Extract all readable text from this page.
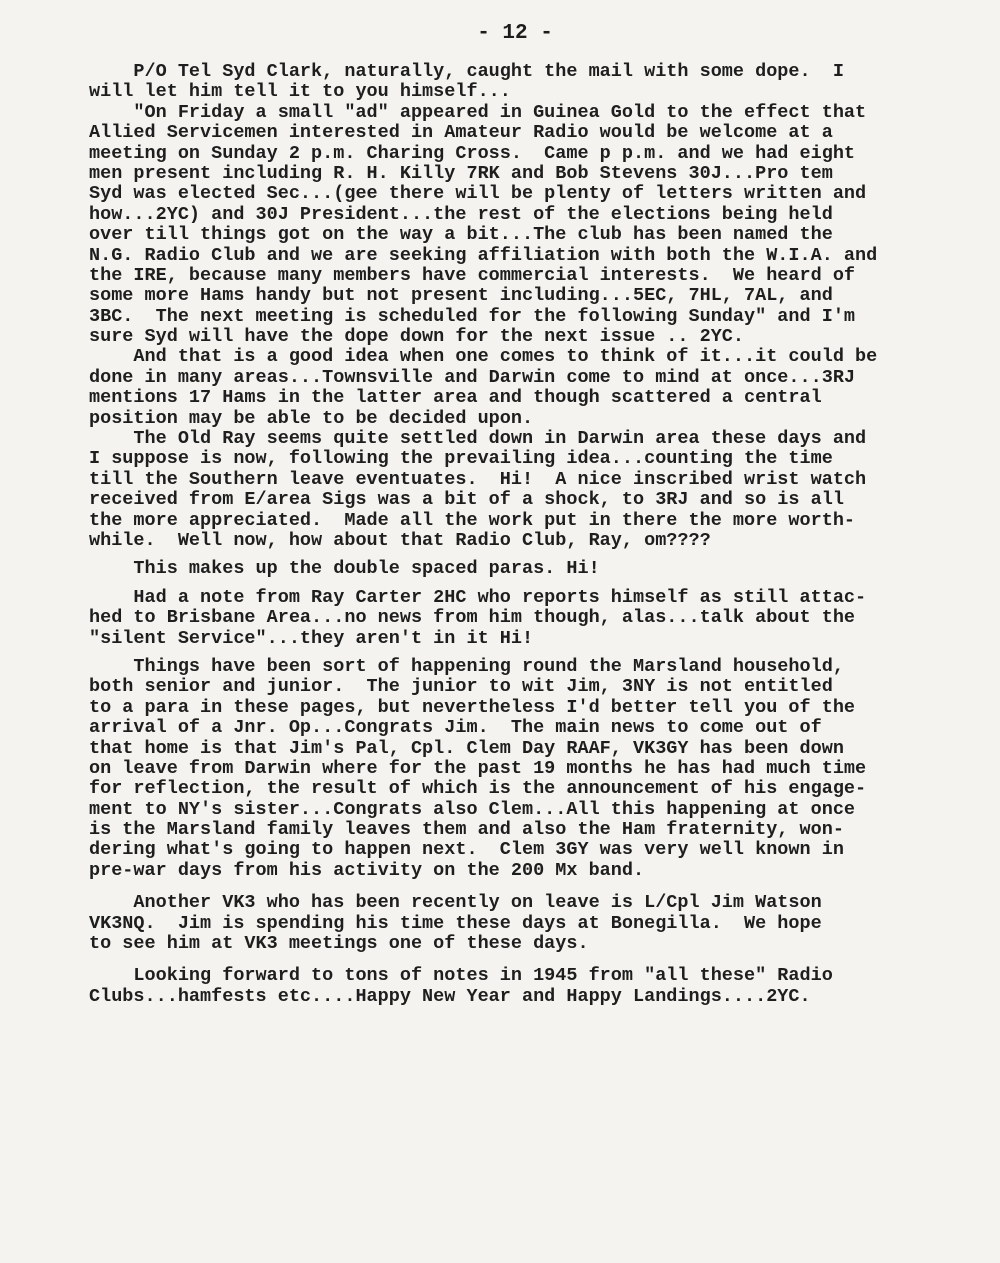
- 12 -
P/O Tel Syd Clark, naturally, caught the mail with some dope.  I
will let him tell it to you himself...
"On Friday a small "ad" appeared in Guinea Gold to the effect that
Allied Servicemen interested in Amateur Radio would be welcome at a
meeting on Sunday 2 p.m. Charing Cross.  Came p p.m. and we had eight
men present including R. H. Killy 7RK and Bob Stevens 30J...Pro tem
Syd was elected Sec...(gee there will be plenty of letters written and
how...2YC) and 30J President...the rest of the elections being held
over till things got on the way a bit...The club has been named the
N.G. Radio Club and we are seeking affiliation with both the W.I.A. and
the IRE, because many members have commercial interests.  We heard of
some more Hams handy but not present including...5EC, 7HL, 7AL, and
3BC.  The next meeting is scheduled for the following Sunday" and I'm
sure Syd will have the dope down for the next issue .. 2YC.
And that is a good idea when one comes to think of it...it could be
done in many areas...Townsville and Darwin come to mind at once...3RJ
mentions 17 Hams in the latter area and though scattered a central
position may be able to be decided upon.
The Old Ray seems quite settled down in Darwin area these days and
I suppose is now, following the prevailing idea...counting the time
till the Southern leave eventuates.  Hi!  A nice inscribed wrist watch
received from E/area Sigs was a bit of a shock, to 3RJ and so is all
the more appreciated.  Made all the work put in there the more worth-
while.  Well now, how about that Radio Club, Ray, om????
This makes up the double spaced paras. Hi!
Had a note from Ray Carter 2HC who reports himself as still attac-
hed to Brisbane Area...no news from him though, alas...talk about the
"silent Service"...they aren't in it Hi!
Things have been sort of happening round the Marsland household,
both senior and junior.  The junior to wit Jim, 3NY is not entitled
to a para in these pages, but nevertheless I'd better tell you of the
arrival of a Jnr. Op...Congrats Jim.  The main news to come out of
that home is that Jim's Pal, Cpl. Clem Day RAAF, VK3GY has been down
on leave from Darwin where for the past 19 months he has had much time
for reflection, the result of which is the announcement of his engage-
ment to NY's sister...Congrats also Clem...All this happening at once
is the Marsland family leaves them and also the Ham fraternity, won-
dering what's going to happen next.  Clem 3GY was very well known in
pre-war days from his activity on the 200 Mx band.
Another VK3 who has been recently on leave is L/Cpl Jim Watson
VK3NQ.  Jim is spending his time these days at Bonegilla.  We hope
to see him at VK3 meetings one of these days.
Looking forward to tons of notes in 1945 from "all these" Radio
Clubs...hamfests etc....Happy New Year and Happy Landings....2YC.
